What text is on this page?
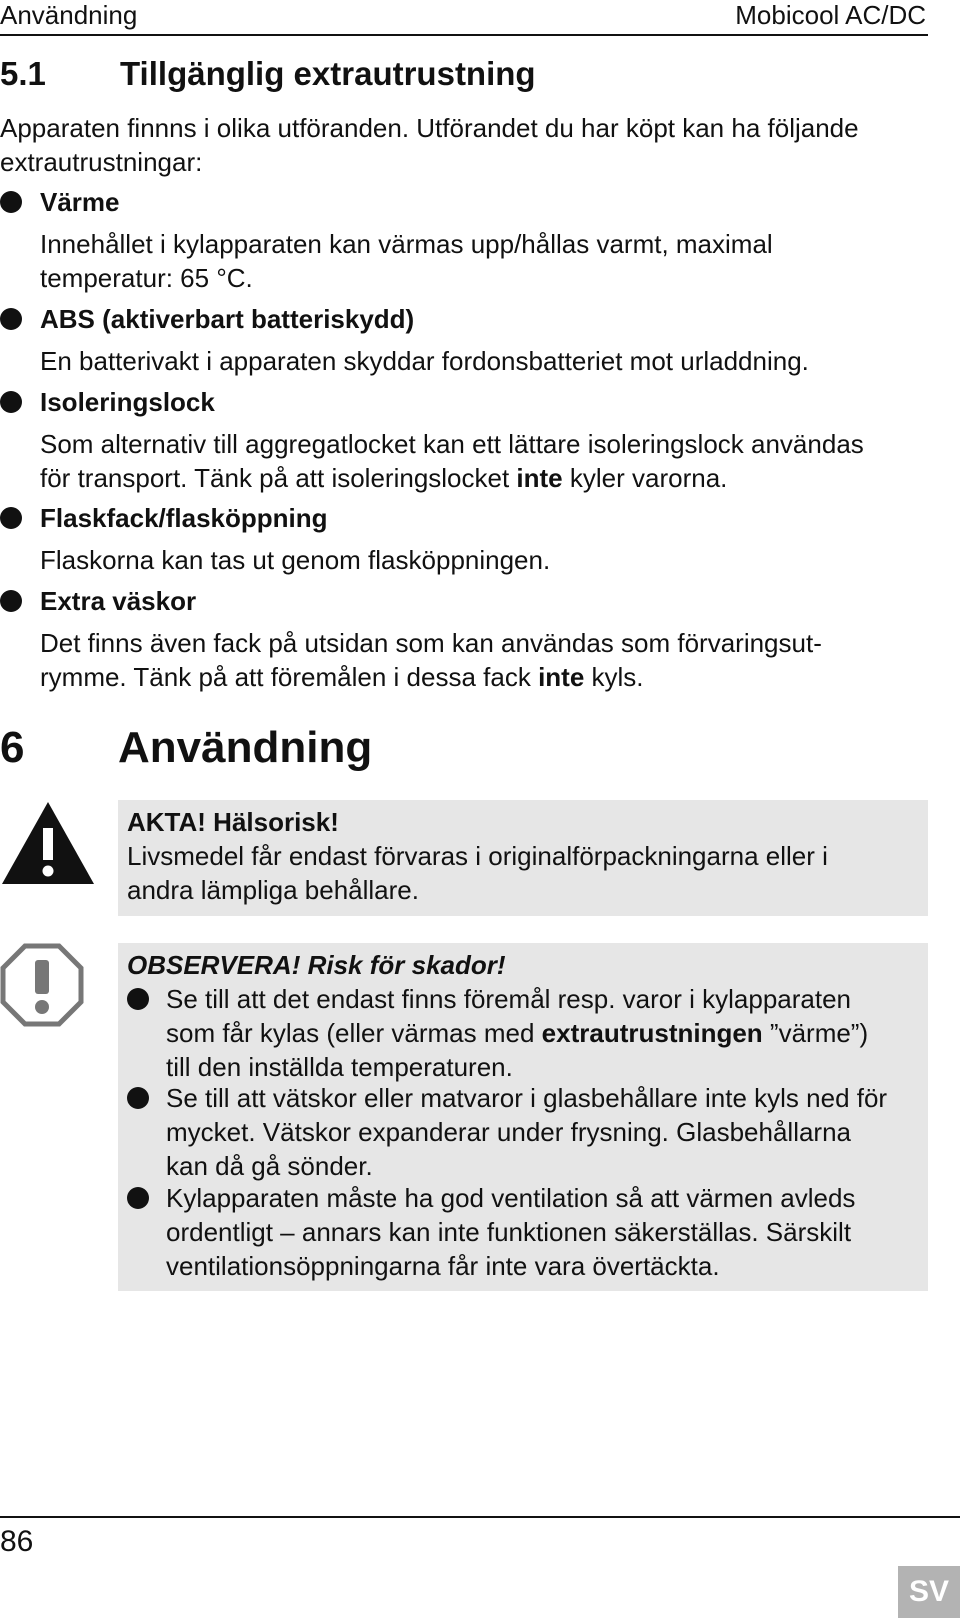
Användning	Mobicool AC/DC
5.1 Tillgänglig extrautrustning
Apparaten finnns i olika utföranden. Utförandet du har köpt kan ha följande
extrautrustningar:
Värme
Innehållet i kylapparaten kan värmas upp/hållas varmt, maximal
temperatur: 65 °C.
ABS (aktiverbart batteriskydd)
En batterivakt i apparaten skyddar fordonsbatteriet mot urladdning.
Isoleringslock
Som alternativ till aggregatlocket kan ett lättare isoleringslock användas
för transport. Tänk på att isoleringslocket inte kyler varorna.
Flaskfack/flasköppning
Flaskorna kan tas ut genom flasköppningen.
Extra väskor
Det finns även fack på utsidan som kan användas som förvaringsut-
rymme. Tänk på att föremålen i dessa fack inte kyls.
6 Användning
AKTA! Hälsorisk!
Livsmedel får endast förvaras i originalförpackningarna eller i
andra lämpliga behållare.
OBSERVERA! Risk för skador!
Se till att det endast finns föremål resp. varor i kylapparaten
som får kylas (eller värmas med extrautrustningen ”värme”)
till den inställda temperaturen.
Se till att vätskor eller matvaror i glasbehållare inte kyls ned för
mycket. Vätskor expanderar under frysning. Glasbehållarna
kan då gå sönder.
Kylapparaten måste ha god ventilation så att värmen avleds
ordentligt – annars kan inte funktionen säkerställas. Särskilt
ventilationsöppningarna får inte vara övertäckta.
86
SV
